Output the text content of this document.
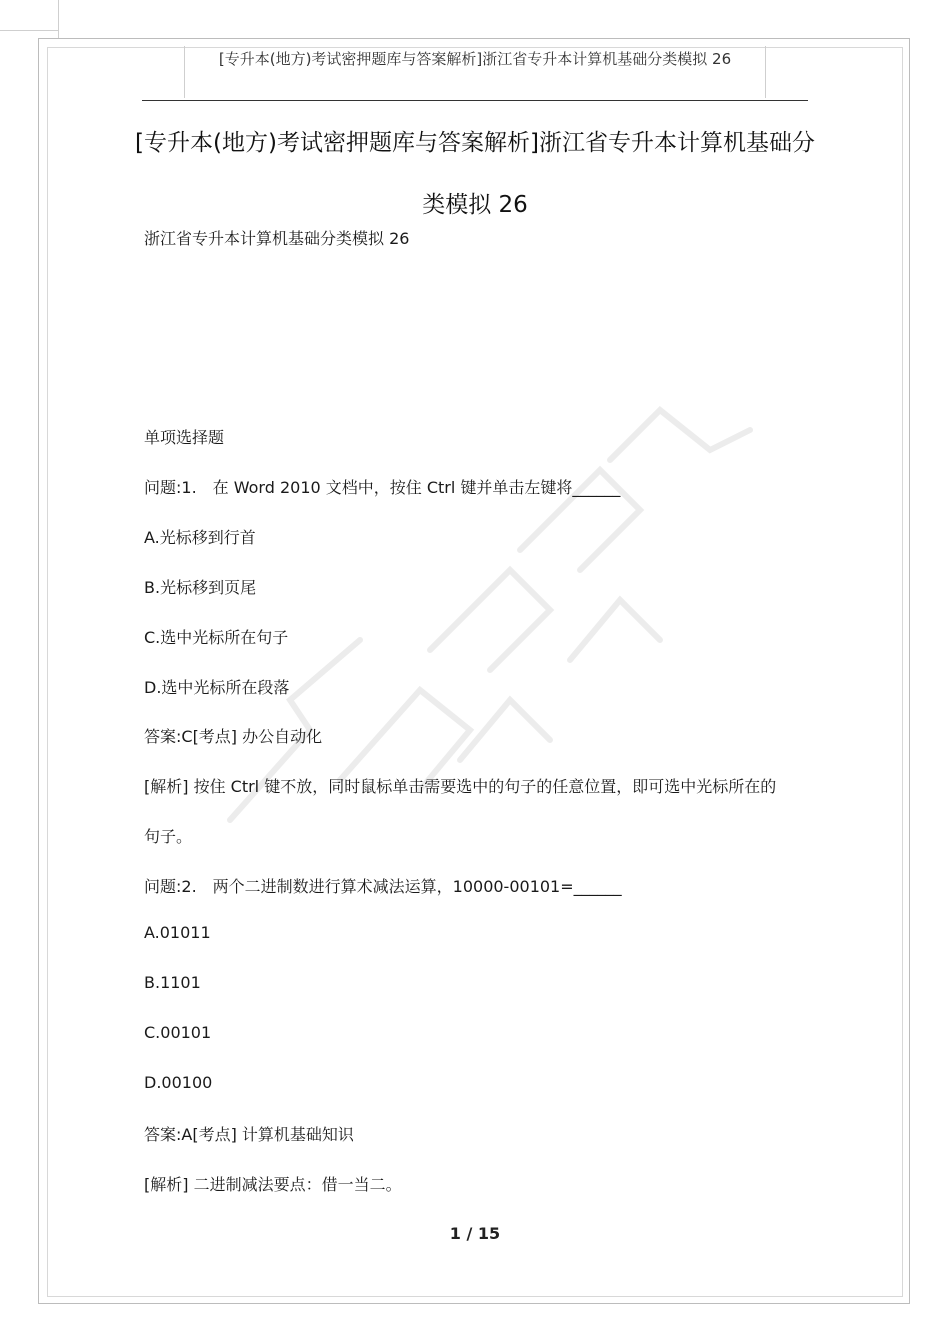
[专升本(地方)考试密押题库与答案解析]浙江省专升本计算机基础分类模拟 26
[专升本(地方)考试密押题库与答案解析]浙江省专升本计算机基础分
类模拟 26
浙江省专升本计算机基础分类模拟 26
单项选择题
问题:1.　在 Word 2010 文档中，按住 Ctrl 键并单击左键将______
A.光标移到行首
B.光标移到页尾
C.选中光标所在句子
D.选中光标所在段落
答案:C[考点] 办公自动化
[解析] 按住 Ctrl 键不放，同时鼠标单击需要选中的句子的任意位置，即可选中光标所在的
句子。
问题:2.　两个二进制数进行算术减法运算，10000-00101=______
A.01011
B.1101
C.00101
D.00100
答案:A[考点] 计算机基础知识
[解析] 二进制减法要点：借一当二。
1 / 15
